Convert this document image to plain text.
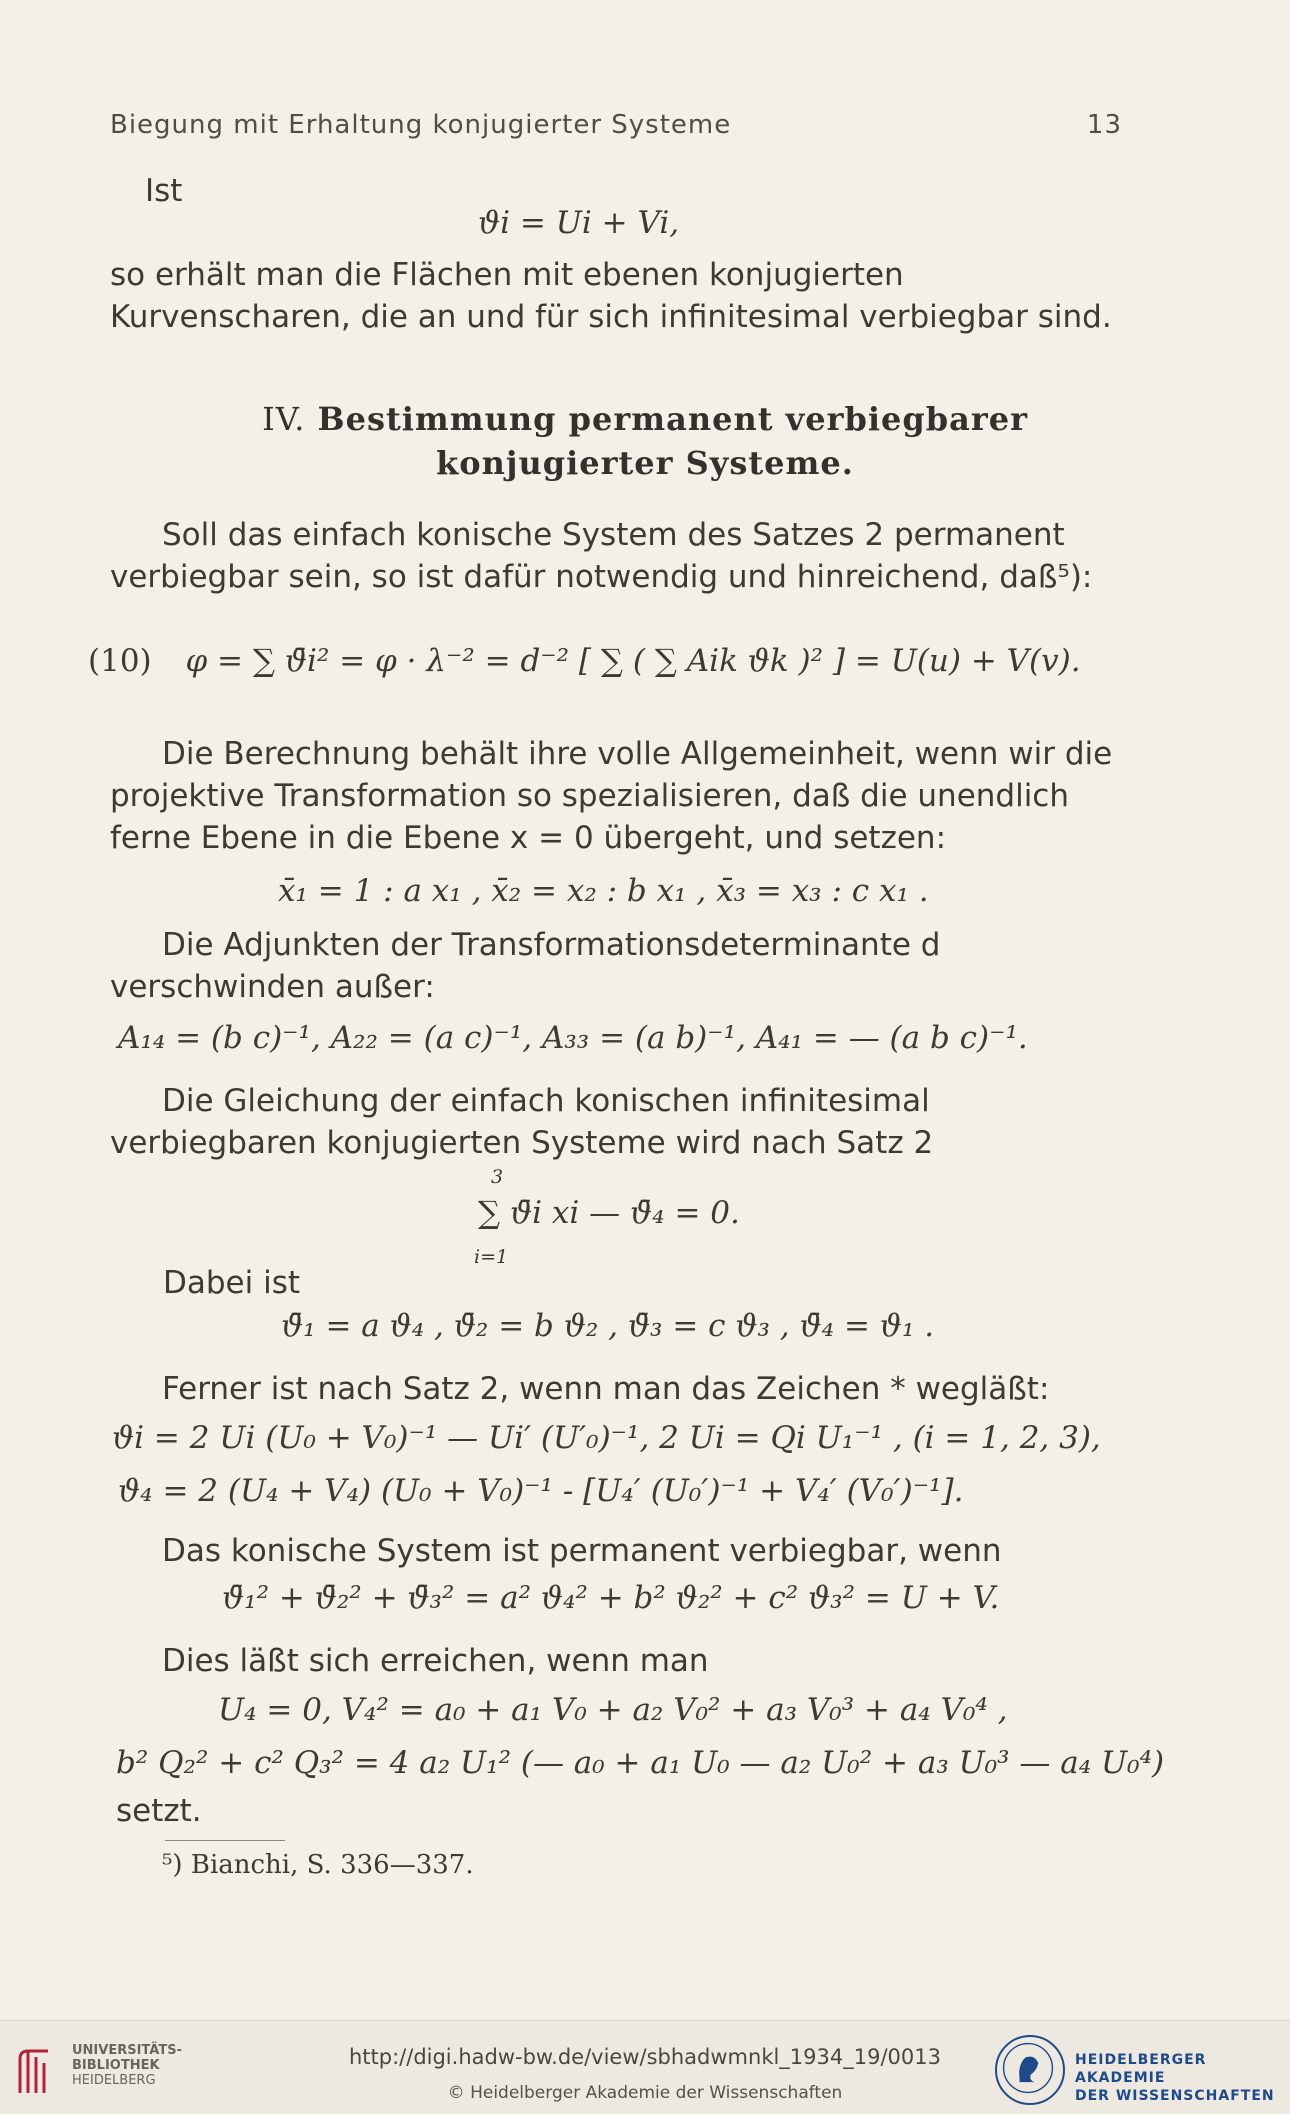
Biegung mit Erhaltung konjugierter Systeme	13
Ist
ϑi = Ui + Vi,
so erhält man die Flächen mit ebenen konjugierten Kurvenscharen, die an und für sich infinitesimal verbiegbar sind.
IV. Bestimmung permanent verbiegbarer
konjugierter Systeme.
Soll das einfach konische System des Satzes 2 permanent verbiegbar sein, so ist dafür notwendig und hinreichend, daß⁵):
(10) φ = ∑ ϑ̄i² = φ · λ⁻² = d⁻² [ ∑ ( ∑ Aik ϑk )² ] = U(u) + V(v).
Die Berechnung behält ihre volle Allgemeinheit, wenn wir die projektive Transformation so spezialisieren, daß die unendlich ferne Ebene in die Ebene x = 0 übergeht, und setzen:
x̄₁ = 1 : a x₁ , x̄₂ = x₂ : b x₁ , x̄₃ = x₃ : c x₁ .
Die Adjunkten der Transformationsdeterminante d verschwinden außer:
A₁₄ = (b c)⁻¹, A₂₂ = (a c)⁻¹, A₃₃ = (a b)⁻¹, A₄₁ = — (a b c)⁻¹.
Die Gleichung der einfach konischen infinitesimal verbiegbaren konjugierten Systeme wird nach Satz 2
∑ ϑ̄i xi — ϑ̄₄ = 0.
3
i=1
Dabei ist
ϑ̄₁ = a ϑ₄ , ϑ̄₂ = b ϑ₂ , ϑ̄₃ = c ϑ₃ , ϑ̄₄ = ϑ₁ .
Ferner ist nach Satz 2, wenn man das Zeichen * wegläßt:
ϑi = 2 Ui (U₀ + V₀)⁻¹ — Ui′ (U′₀)⁻¹, 2 Ui = Qi U₁⁻¹ , (i = 1, 2, 3),
ϑ₄ = 2 (U₄ + V₄) (U₀ + V₀)⁻¹ - [U₄′ (U₀′)⁻¹ + V₄′ (V₀′)⁻¹].
Das konische System ist permanent verbiegbar, wenn
ϑ̄₁² + ϑ̄₂² + ϑ̄₃² = a² ϑ₄² + b² ϑ₂² + c² ϑ₃² = U + V.
Dies läßt sich erreichen, wenn man
U₄ = 0, V₄² = a₀ + a₁ V₀ + a₂ V₀² + a₃ V₀³ + a₄ V₀⁴ ,
b² Q₂² + c² Q₃² = 4 a₂ U₁² (— a₀ + a₁ U₀ — a₂ U₀² + a₃ U₀³ — a₄ U₀⁴)
setzt.
⁵) Bianchi, S. 336—337.
UNIVERSITÄTS-
BIBLIOTHEK
HEIDELBERG
http://digi.hadw-bw.de/view/sbhadwmnkl_1934_19/0013
© Heidelberger Akademie der Wissenschaften
HEIDELBERGER AKADEMIE
DER WISSENSCHAFTEN
